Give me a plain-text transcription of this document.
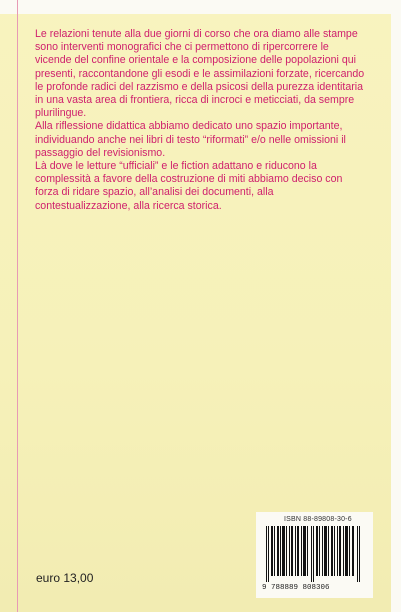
Le relazioni tenute alla due giorni di corso che ora diamo alle stampe sono interventi monografici che ci permettono di ripercorrere le vicende del confine orientale e la composizione delle popolazioni qui presenti, raccontandone gli esodi e le assimilazioni forzate, ricercando le profonde radici del razzismo e della psicosi della purezza identitaria in una vasta area di frontiera, ricca di incroci e meticciati, da sempre plurilingue.

Alla riflessione didattica abbiamo dedicato uno spazio importante, individuando anche nei libri di testo “riformati” e/o nelle omissioni il passaggio del revisionismo.

Là dove le letture “ufficiali” e le fiction adattano e riducono la complessità a favore della costruzione di miti abbiamo deciso con forza di ridare spazio, all’analisi dei documenti, alla contestualizzazione, alla ricerca storica.

euro 13,00
ISBN 88-89808-30-6
9 788889 808306
